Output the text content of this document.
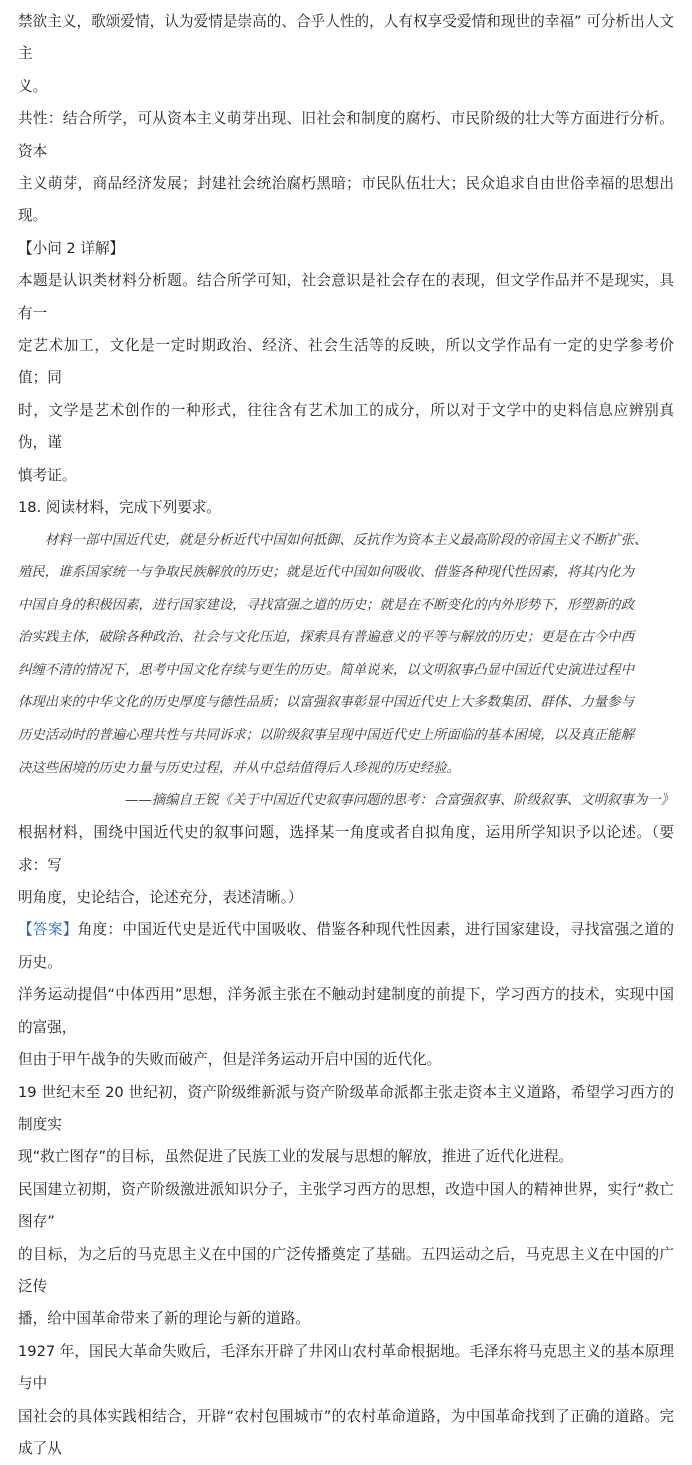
禁欲主义，歌颂爱情，认为爱情是崇高的、合乎人性的，人有权享受爱情和现世的幸福” 可分析出人文主

义。

共性：结合所学，可从资本主义萌芽出现、旧社会和制度的腐朽、市民阶级的壮大等方面进行分析。资本

主义萌芽，商品经济发展；封建社会统治腐朽黑暗；市民队伍壮大；民众追求自由世俗幸福的思想出现。

【小问 2 详解】

本题是认识类材料分析题。结合所学可知，社会意识是社会存在的表现，但文学作品并不是现实，具有一

定艺术加工，文化是一定时期政治、经济、社会生活等的反映，所以文学作品有一定的史学参考价值；同

时，文学是艺术创作的一种形式，往往含有艺术加工的成分，所以对于文学中的史料信息应辨别真伪，谨

慎考证。

18. 阅读材料，完成下列要求。

材料一部中国近代史，就是分析近代中国如何抵御、反抗作为资本主义最高阶段的帝国主义不断扩张、

殖民，谁系国家统一与争取民族解放的历史；就是近代中国如何吸收、借鉴各种现代性因素，将其内化为

中国自身的积极因素，进行国家建设，寻找富强之道的历史；就是在不断变化的内外形势下，形塑新的政

治实践主体，破除各种政治、社会与文化压迫，探索具有普遍意义的平等与解放的历史；更是在古今中西

纠缠不清的情况下，思考中国文化存续与更生的历史。简单说来，以文明叙事凸显中国近代史演进过程中

体现出来的中华文化的历史厚度与德性品质；以富强叙事彰显中国近代史上大多数集团、群体、力量参与

历史活动时的普遍心理共性与共同诉求；以阶级叙事呈现中国近代史上所面临的基本困境，以及真正能解

决这些困境的历史力量与历史过程，并从中总结值得后人珍视的历史经验。

——摘编自王锐《关于中国近代史叙事问题的思考：合富强叙事、阶级叙事、文明叙事为一》

根据材料，围绕中国近代史的叙事问题，选择某一角度或者自拟角度，运用所学知识予以论述。（要求：写

明角度，史论结合，论述充分，表述清晰。）

【答案】角度：中国近代史是近代中国吸收、借鉴各种现代性因素，进行国家建设，寻找富强之道的历史。

洋务运动提倡“中体西用”思想，洋务派主张在不触动封建制度的前提下，学习西方的技术，实现中国的富强，

但由于甲午战争的失败而破产，但是洋务运动开启中国的近代化。

19 世纪末至 20 世纪初，资产阶级维新派与资产阶级革命派都主张走资本主义道路，希望学习西方的制度实

现“救亡图存”的目标，虽然促进了民族工业的发展与思想的解放，推进了近代化进程。

民国建立初期，资产阶级激进派知识分子，主张学习西方的思想，改造中国人的精神世界，实行“救亡图存”

的目标，为之后的马克思主义在中国的广泛传播奠定了基础。五四运动之后，马克思主义在中国的广泛传

播，给中国革命带来了新的理论与新的道路。

1927 年，国民大革命失败后，毛泽东开辟了井冈山农村革命根据地。毛泽东将马克思主义的基本原理与中

国社会的具体实践相结合，开辟“农村包围城市”的农村革命道路，为中国革命找到了正确的道路。完成了从
